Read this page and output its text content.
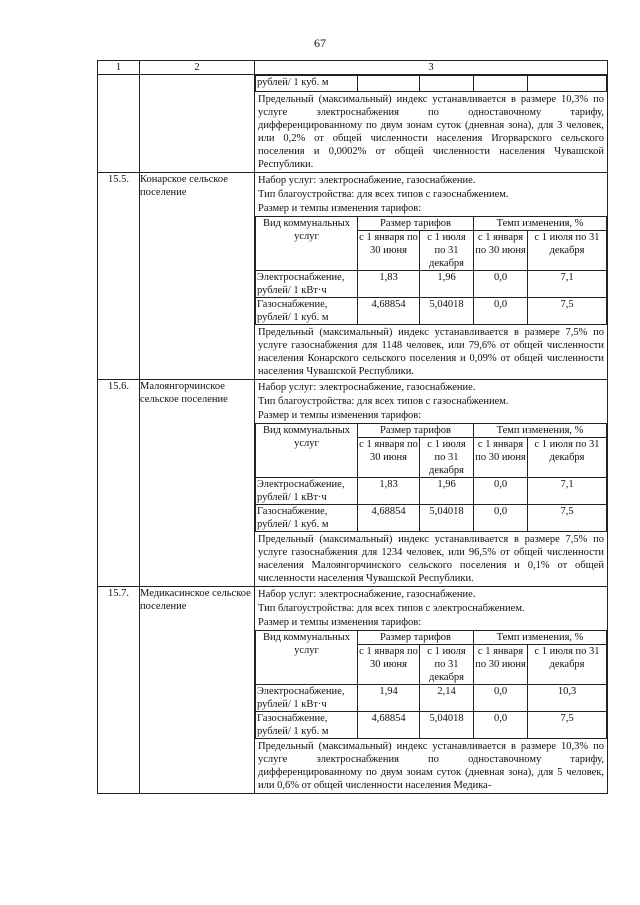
67
1	2	3

рублей/ 1 куб. м				
Предельный (максимальный) индекс устанавливается в размере 10,3% по услуге электроснабжения по одноставочному тарифу, дифференцированному по двум зонам суток (дневная зона), для 3 человек, или 0,2% от общей численности населения Игорварского сельского поселения и 0,0002% от общей численности населения Чувашской Республики.

15.5.	Конарское сельское поселение	
Набор услуг: электроснабжение, газоснабжение.
Тип благоустройства: для всех типов с газоснабжением.
Размер и темпы изменения тарифов:
Вид коммунальных услуг	Размер тарифов	Темп изменения, %
с 1 января по 30 июня	с 1 июля по 31 декабря	с 1 января по 30 июня	с 1 июля по 31 декабря
Электроснабжение, рублей/ 1 кВт·ч	1,83	1,96	0,0	7,1
Газоснабжение, рублей/ 1 куб. м	4,68854	5,04018	0,0	7,5
Предельный (максимальный) индекс устанавливается в размере 7,5% по услуге газоснабжения для 1148 человек, или 79,6% от общей численности населения Конарского сельского поселения и 0,09% от общей численности населения Чувашской Республики.

15.6.	Малоянгорчинское сельское поселение	
Набор услуг: электроснабжение, газоснабжение.
Тип благоустройства: для всех типов с газоснабжением.
Размер и темпы изменения тарифов:
Вид коммунальных услуг	Размер тарифов	Темп изменения, %
с 1 января по 30 июня	с 1 июля по 31 декабря	с 1 января по 30 июня	с 1 июля по 31 декабря
Электроснабжение, рублей/ 1 кВт·ч	1,83	1,96	0,0	7,1
Газоснабжение, рублей/ 1 куб. м	4,68854	5,04018	0,0	7,5
Предельный (максимальный) индекс устанавливается в размере 7,5% по услуге газоснабжения для 1234 человек, или 96,5% от общей численности населения Малоянгорчинского сельского поселения и 0,1% от общей численности населения Чувашской Республики.

15.7.	Медикасинское сельское поселение	
Набор услуг: электроснабжение, газоснабжение.
Тип благоустройства: для всех типов с электроснабжением.
Размер и темпы изменения тарифов:
Вид коммунальных услуг	Размер тарифов	Темп изменения, %
с 1 января по 30 июня	с 1 июля по 31 декабря	с 1 января по 30 июня	с 1 июля по 31 декабря
Электроснабжение, рублей/ 1 кВт·ч	1,94	2,14	0,0	10,3
Газоснабжение, рублей/ 1 куб. м	4,68854	5,04018	0,0	7,5
Предельный (максимальный) индекс устанавливается в размере 10,3% по услуге электроснабжения по одноставочному тарифу, дифференцированному по двум зонам суток (дневная зона), для 5 человек, или 0,6% от общей численности населения Медика-
